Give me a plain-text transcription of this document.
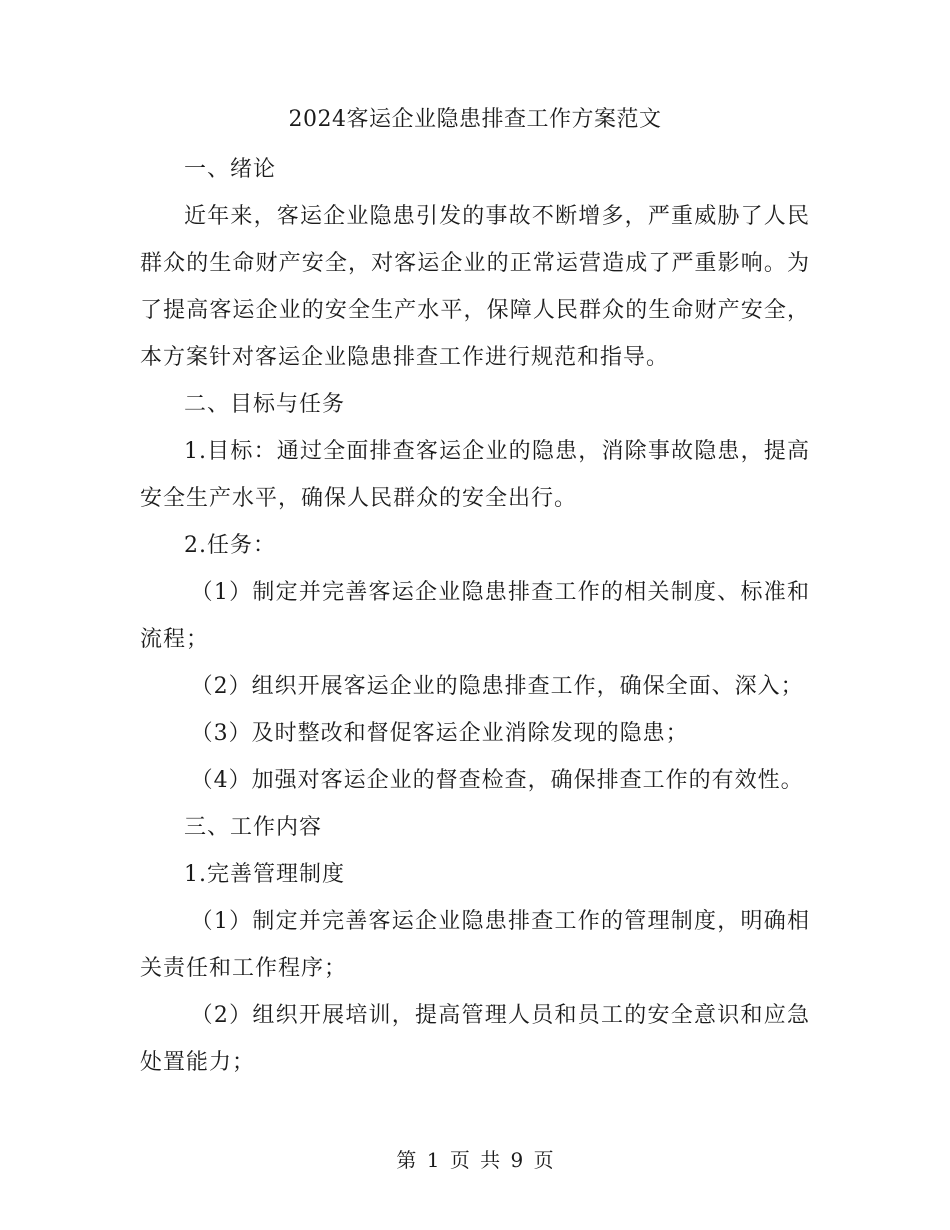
2024客运企业隐患排查工作方案范文

一、绪论

近年来，客运企业隐患引发的事故不断增多，严重威胁了人民群众的生命财产安全，对客运企业的正常运营造成了严重影响。为了提高客运企业的安全生产水平，保障人民群众的生命财产安全，本方案针对客运企业隐患排查工作进行规范和指导。

二、目标与任务

1.目标：通过全面排查客运企业的隐患，消除事故隐患，提高安全生产水平，确保人民群众的安全出行。

2.任务：

（1）制定并完善客运企业隐患排查工作的相关制度、标准和流程；

（2）组织开展客运企业的隐患排查工作，确保全面、深入；

（3）及时整改和督促客运企业消除发现的隐患；

（4）加强对客运企业的督查检查，确保排查工作的有效性。

三、工作内容

1.完善管理制度

（1）制定并完善客运企业隐患排查工作的管理制度，明确相关责任和工作程序；

（2）组织开展培训，提高管理人员和员工的安全意识和应急处置能力；

第 1 页 共 9 页
